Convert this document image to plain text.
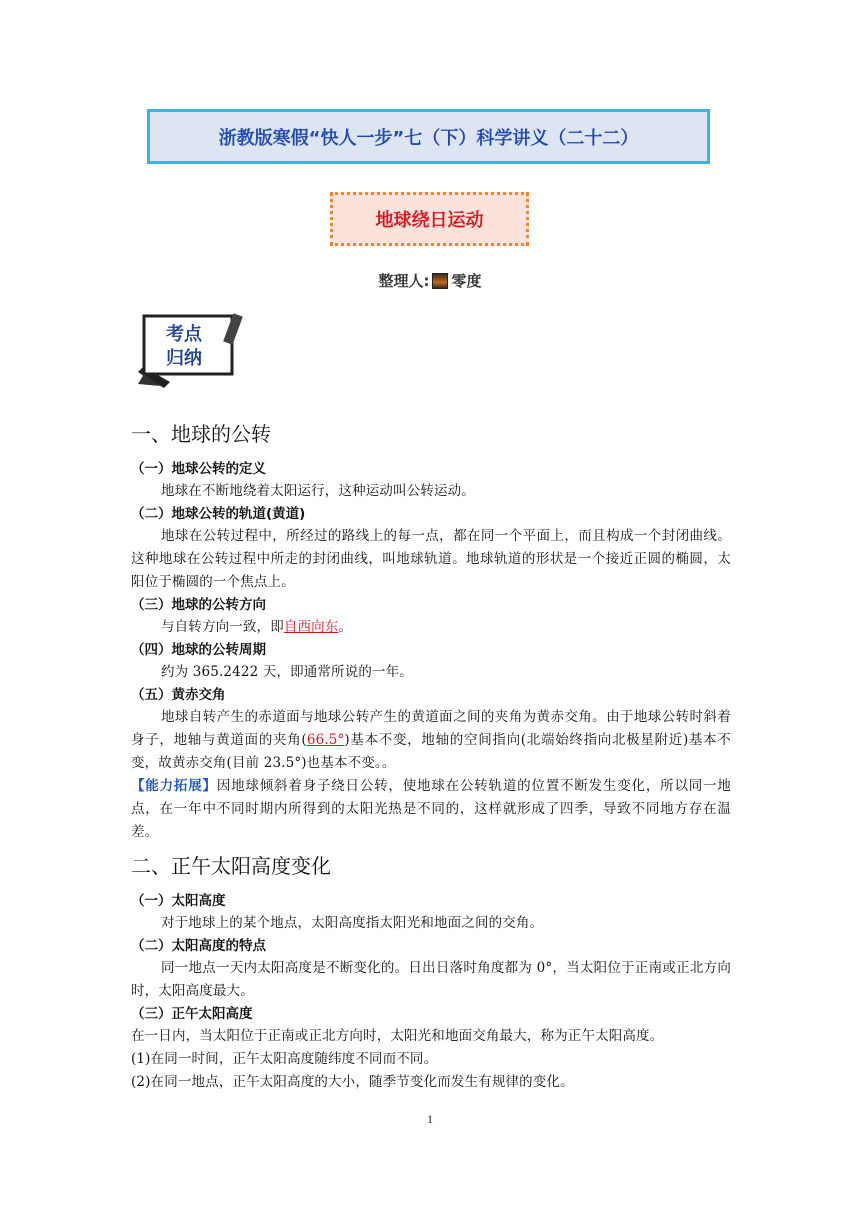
浙教版寒假“快人一步”七（下）科学讲义（二十二）
地球绕日运动
整理人: 零度
考点
归纳
一、地球的公转
（一）地球公转的定义
地球在不断地绕着太阳运行，这种运动叫公转运动。
（二）地球公转的轨道(黄道)
地球在公转过程中，所经过的路线上的每一点，都在同一个平面上，而且构成一个封闭曲线。这种地球在公转过程中所走的封闭曲线，叫地球轨道。地球轨道的形状是一个接近正圆的椭圆，太阳位于椭圆的一个焦点上。
（三）地球的公转方向
与自转方向一致，即自西向东。
（四）地球的公转周期
约为 365.2422 天，即通常所说的一年。
（五）黄赤交角
地球自转产生的赤道面与地球公转产生的黄道面之间的夹角为黄赤交角。由于地球公转时斜着身子，地轴与黄道面的夹角(66.5°)基本不变，地轴的空间指向(北端始终指向北极星附近)基本不变，故黄赤交角(目前 23.5°)也基本不变。。
【能力拓展】因地球倾斜着身子绕日公转，使地球在公转轨道的位置不断发生变化，所以同一地点，在一年中不同时期内所得到的太阳光热是不同的，这样就形成了四季，导致不同地方存在温差。
二、正午太阳高度变化
（一）太阳高度
对于地球上的某个地点，太阳高度指太阳光和地面之间的交角。
（二）太阳高度的特点
同一地点一天内太阳高度是不断变化的。日出日落时角度都为 0°，当太阳位于正南或正北方向时，太阳高度最大。
（三）正午太阳高度
在一日内，当太阳位于正南或正北方向时，太阳光和地面交角最大，称为正午太阳高度。
(1)在同一时间，正午太阳高度随纬度不同而不同。
(2)在同一地点，正午太阳高度的大小，随季节变化而发生有规律的变化。
1
